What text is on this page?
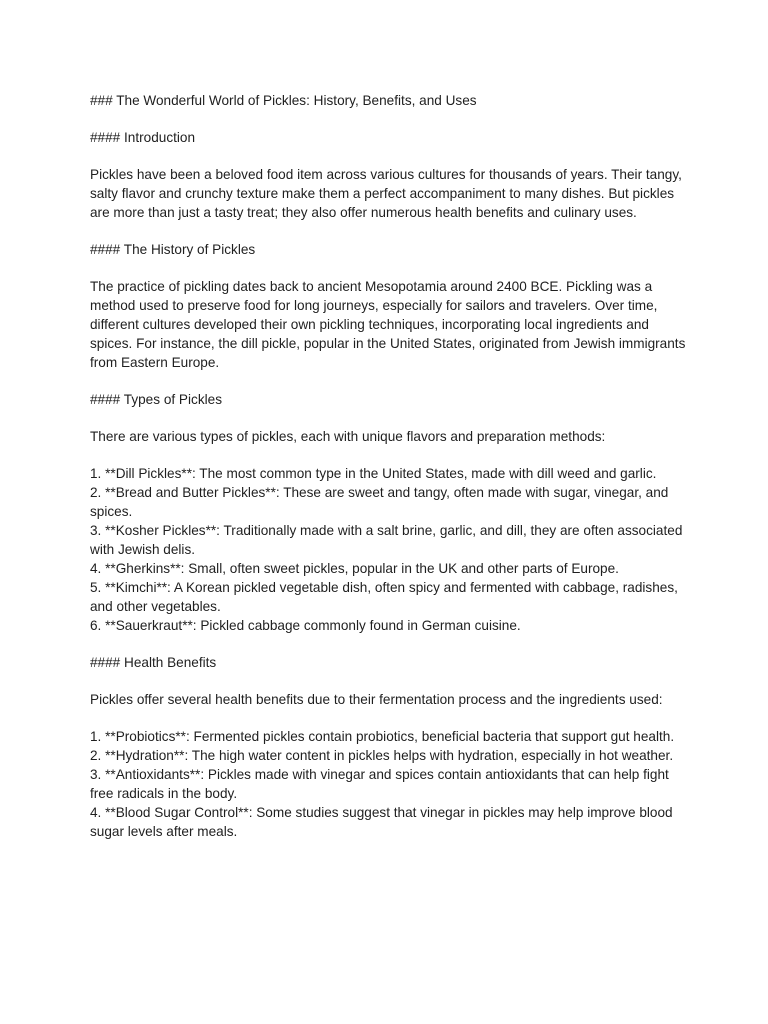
### The Wonderful World of Pickles: History, Benefits, and Uses

#### Introduction

Pickles have been a beloved food item across various cultures for thousands of years. Their tangy, salty flavor and crunchy texture make them a perfect accompaniment to many dishes. But pickles are more than just a tasty treat; they also offer numerous health benefits and culinary uses.

#### The History of Pickles

The practice of pickling dates back to ancient Mesopotamia around 2400 BCE. Pickling was a method used to preserve food for long journeys, especially for sailors and travelers. Over time, different cultures developed their own pickling techniques, incorporating local ingredients and spices. For instance, the dill pickle, popular in the United States, originated from Jewish immigrants from Eastern Europe.

#### Types of Pickles

There are various types of pickles, each with unique flavors and preparation methods:

1. **Dill Pickles**: The most common type in the United States, made with dill weed and garlic.

2. **Bread and Butter Pickles**: These are sweet and tangy, often made with sugar, vinegar, and spices.

3. **Kosher Pickles**: Traditionally made with a salt brine, garlic, and dill, they are often associated with Jewish delis.

4. **Gherkins**: Small, often sweet pickles, popular in the UK and other parts of Europe.

5. **Kimchi**: A Korean pickled vegetable dish, often spicy and fermented with cabbage, radishes, and other vegetables.

6. **Sauerkraut**: Pickled cabbage commonly found in German cuisine.

#### Health Benefits

Pickles offer several health benefits due to their fermentation process and the ingredients used:

1. **Probiotics**: Fermented pickles contain probiotics, beneficial bacteria that support gut health.

2. **Hydration**: The high water content in pickles helps with hydration, especially in hot weather.

3. **Antioxidants**: Pickles made with vinegar and spices contain antioxidants that can help fight free radicals in the body.

4. **Blood Sugar Control**: Some studies suggest that vinegar in pickles may help improve blood sugar levels after meals.
